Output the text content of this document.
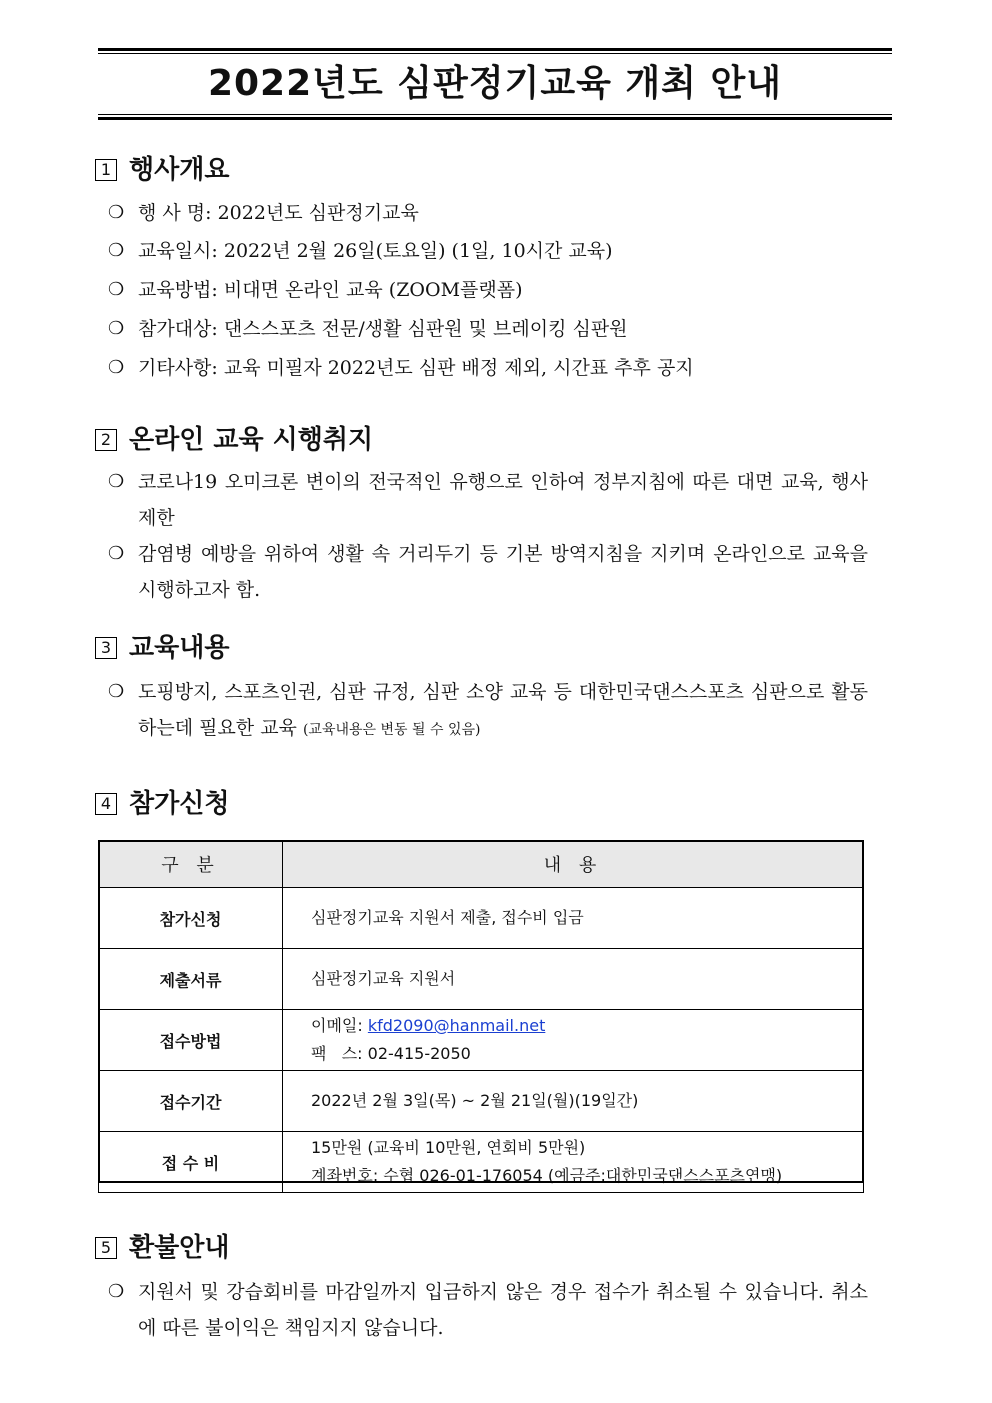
2022년도 심판정기교육 개최 안내
1 행사개요
❍ 행 사 명: 2022년도 심판정기교육
❍ 교육일시: 2022년 2월 26일(토요일) (1일, 10시간 교육)
❍ 교육방법: 비대면 온라인 교육 (ZOOM플랫폼)
❍ 참가대상: 댄스스포츠 전문/생활 심판원 및 브레이킹 심판원
❍ 기타사항: 교육 미필자 2022년도 심판 배정 제외, 시간표 추후 공지
2 온라인 교육 시행취지
❍ 코로나19 오미크론 변이의 전국적인 유행으로 인하여 정부지침에 따른 대면 교육, 행사 제한
❍ 감염병 예방을 위하여 생활 속 거리두기 등 기본 방역지침을 지키며 온라인으로 교육을 시행하고자 함.
3 교육내용
❍ 도핑방지, 스포츠인권, 심판 규정, 심판 소양 교육 등 대한민국댄스스포츠 심판으로 활동하는데 필요한 교육 (교육내용은 변동 될 수 있음)
4 참가신청
구 분	내 용
참가신청	심판정기교육 지원서 제출, 접수비 입금
제출서류	심판정기교육 지원서
접수방법	이메일: kfd2090@hanmail.net
팩   스: 02-415-2050

접수기간	2022년 2월 3일(목) ~ 2월 21일(월)(19일간)
접 수 비	15만원 (교육비 10만원, 연회비 5만원)
계좌번호: 수협 026-01-176054 (예금주:대한민국댄스스포츠연맹)
5 환불안내
❍ 지원서 및 강습회비를 마감일까지 입금하지 않은 경우 접수가 취소될 수 있습니다. 취소에 따른 불이익은 책임지지 않습니다.
